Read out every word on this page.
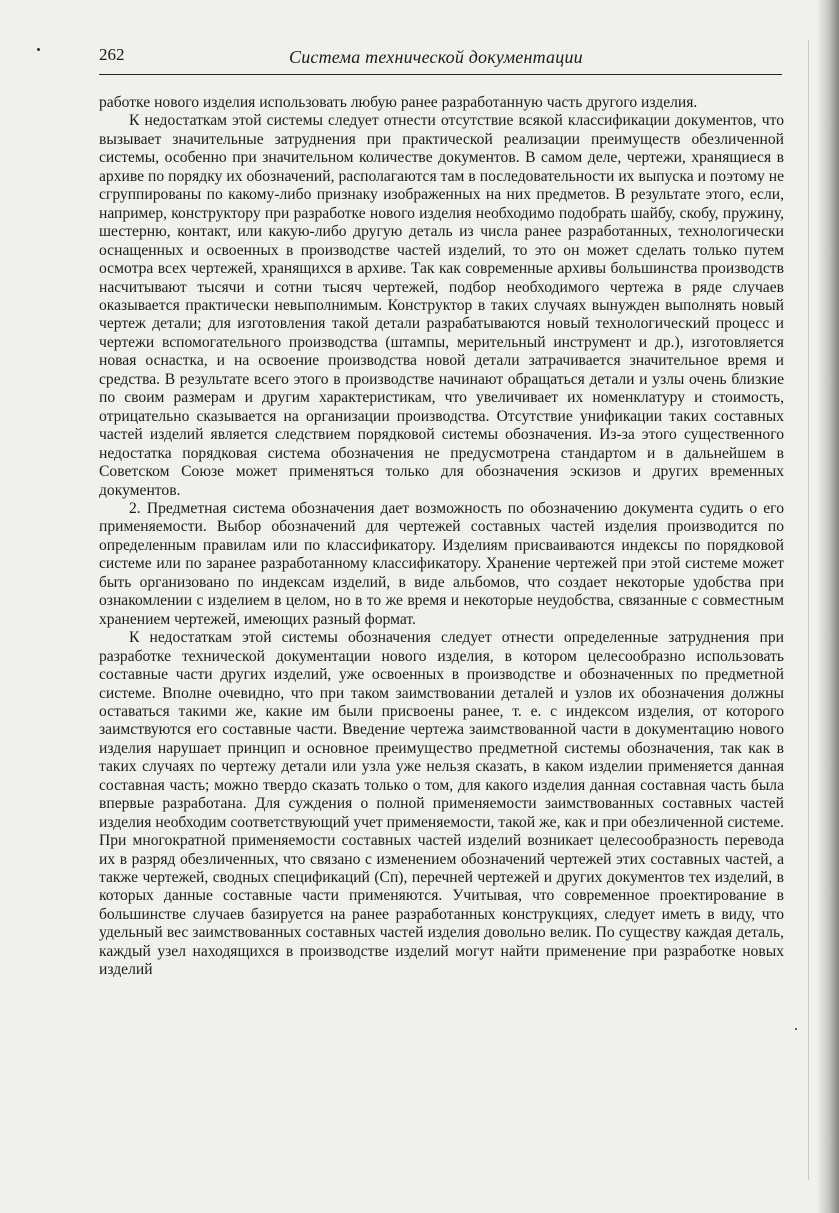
262	Система технической документации

работке нового изделия использовать любую ранее разработанную часть другого изделия.

К недостаткам этой системы следует отнести отсутствие всякой классификации документов, что вызывает значительные затруднения при практической реализации преимуществ обезличенной системы, особенно при значительном количестве документов. В самом деле, чертежи, хранящиеся в архиве по порядку их обозначений, располагаются там в последовательности их выпуска и поэтому не сгруппированы по какому-либо признаку изображенных на них предметов. В результате этого, если, например, конструктору при разработке нового изделия необходимо подобрать шайбу, скобу, пружину, шестерню, контакт, или какую-либо другую деталь из числа ранее разработанных, технологически оснащенных и освоенных в производстве частей изделий, то это он может сделать только путем осмотра всех чертежей, хранящихся в архиве. Так как современные архивы большинства производств насчитывают тысячи и сотни тысяч чертежей, подбор необходимого чертежа в ряде случаев оказывается практически невыполнимым. Конструктор в таких случаях вынужден выполнять новый чертеж детали; для изготовления такой детали разрабатываются новый технологический процесс и чертежи вспомогательного производства (штампы, мерительный инструмент и др.), изготовляется новая оснастка, и на освоение производства новой детали затрачивается значительное время и средства. В результате всего этого в производстве начинают обращаться детали и узлы очень близкие по своим размерам и другим характеристикам, что увеличивает их номенклатуру и стоимость, отрицательно сказывается на организации производства. Отсутствие унификации таких составных частей изделий является следствием порядковой системы обозначения. Из-за этого существенного недостатка порядковая система обозначения не предусмотрена стандартом и в дальнейшем в Советском Союзе может применяться только для обозначения эскизов и других временных документов.

2. Предметная система обозначения дает возможность по обозначению документа судить о его применяемости. Выбор обозначений для чертежей составных частей изделия производится по определенным правилам или по классификатору. Изделиям присваиваются индексы по порядковой системе или по заранее разработанному классификатору. Хранение чертежей при этой системе может быть организовано по индексам изделий, в виде альбомов, что создает некоторые удобства при ознакомлении с изделием в целом, но в то же время и некоторые неудобства, связанные с совместным хранением чертежей, имеющих разный формат.

К недостаткам этой системы обозначения следует отнести определенные затруднения при разработке технической документации нового изделия, в котором целесообразно использовать составные части других изделий, уже освоенных в производстве и обозначенных по предметной системе. Вполне очевидно, что при таком заимствовании деталей и узлов их обозначения должны оставаться такими же, какие им были присвоены ранее, т. е. с индексом изделия, от которого заимствуются его составные части. Введение чертежа заимствованной части в документацию нового изделия нарушает принцип и основное преимущество предметной системы обозначения, так как в таких случаях по чертежу детали или узла уже нельзя сказать, в каком изделии применяется данная составная часть; можно твердо сказать только о том, для какого изделия данная составная часть была впервые разработана. Для суждения о полной применяемости заимствованных составных частей изделия необходим соответствующий учет применяемости, такой же, как и при обезличенной системе. При многократной применяемости составных частей изделий возникает целесообразность перевода их в разряд обезличенных, что связано с изменением обозначений чертежей этих составных частей, а также чертежей, сводных спецификаций (Сп), перечней чертежей и других документов тех изделий, в которых данные составные части применяются. Учитывая, что современное проектирование в большинстве случаев базируется на ранее разработанных конструкциях, следует иметь в виду, что удельный вес заимствованных составных частей изделия довольно велик. По существу каждая деталь, каждый узел находящихся в производстве изделий могут найти применение при разработке новых изделий
